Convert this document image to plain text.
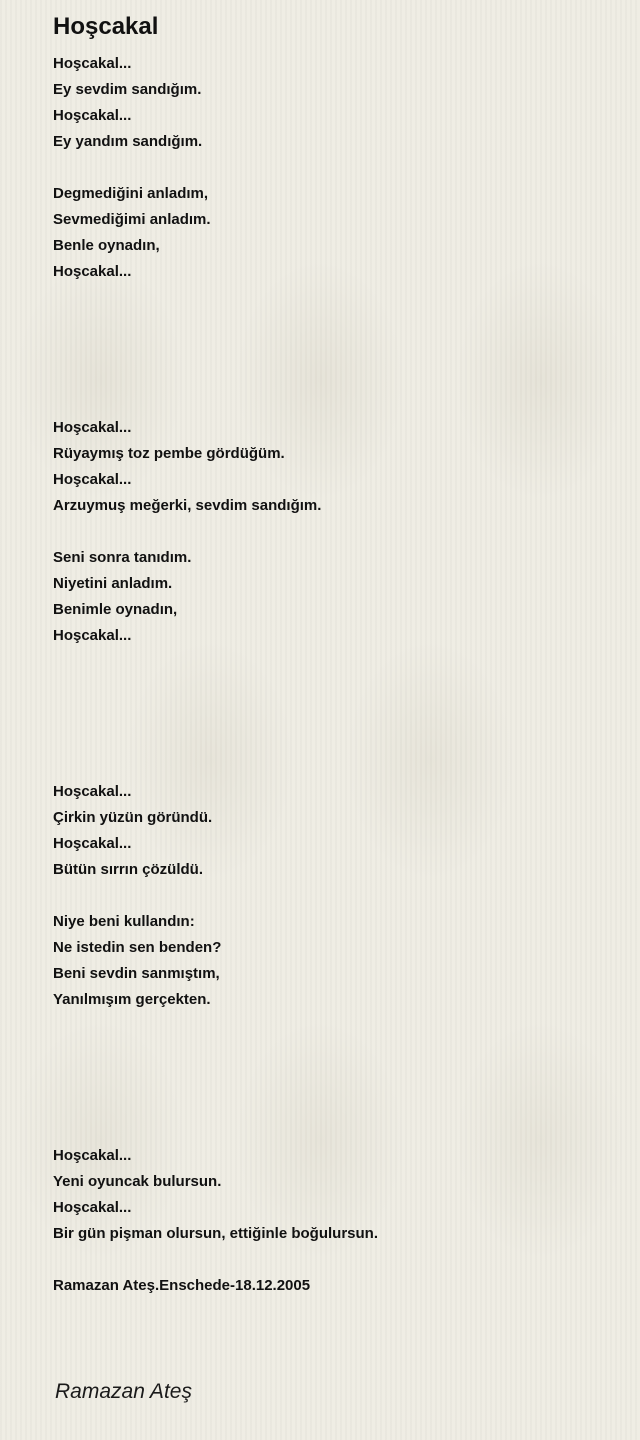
Hoşcakal
Hoşcakal...
Ey sevdim sandığım.
Hoşcakal...
Ey yandım sandığım.
Degmediğini anladım,
Sevmediğimi anladım.
Benle oynadın,
Hoşcakal...
Hoşcakal...
Rüyaymış toz pembe gördüğüm.
Hoşcakal...
Arzuymuş meğerki, sevdim sandığım.
Seni sonra tanıdım.
Niyetini anladım.
Benimle oynadın,
Hoşcakal...
Hoşcakal...
Çirkin yüzün göründü.
Hoşcakal...
Bütün sırrın çözüldü.
Niye beni kullandın:
Ne istedin sen benden?
Beni sevdin sanmıştım,
Yanılmışım gerçekten.
Hoşcakal...
Yeni oyuncak bulursun.
Hoşcakal...
Bir gün pişman olursun, ettiğinle boğulursun.
Ramazan Ateş.Enschede-18.12.2005
Ramazan Ateş
